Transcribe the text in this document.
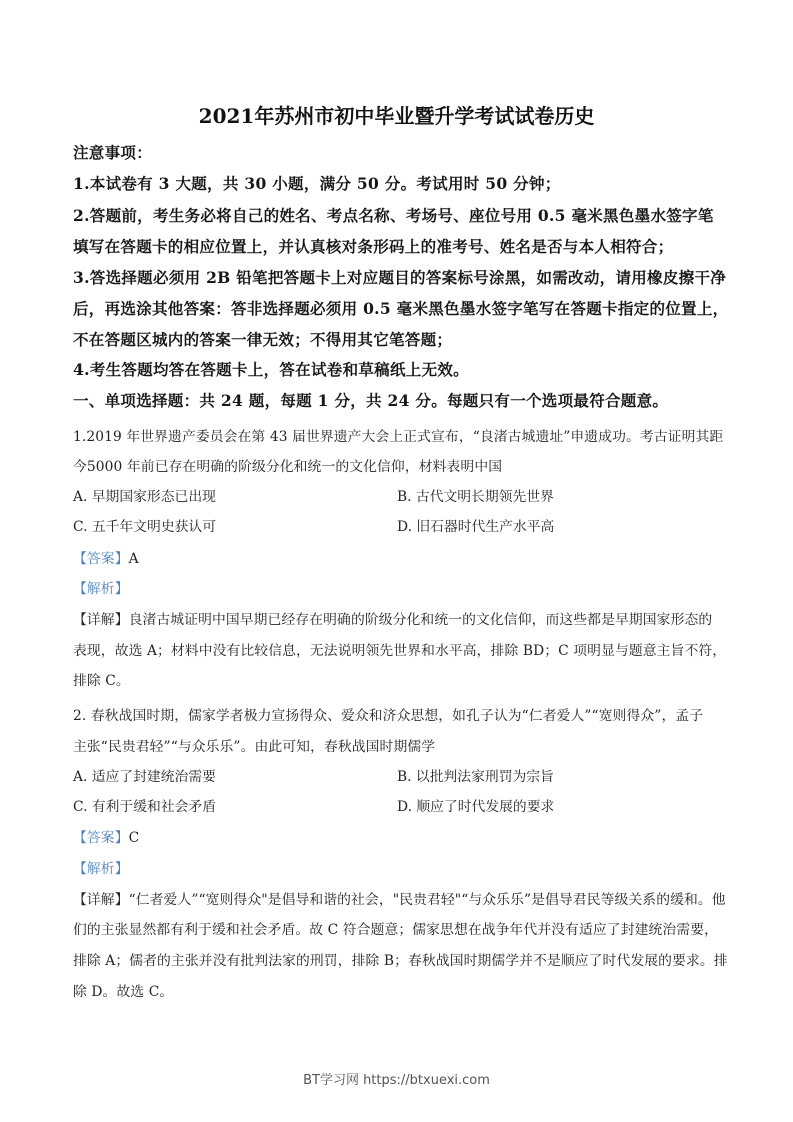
2021年苏州市初中毕业暨升学考试试卷历史
注意事项：
1.本试卷有 3 大题，共 30 小题，满分 50 分。考试用时 50 分钟；
2.答题前，考生务必将自己的姓名、考点名称、考场号、座位号用 0.5 毫米黑色墨水签字笔
填写在答题卡的相应位置上，并认真核对条形码上的准考号、姓名是否与本人相符合；
3.答选择题必须用 2B 铅笔把答题卡上对应题目的答案标号涂黑，如需改动，请用橡皮擦干净
后，再选涂其他答案：答非选择题必须用 0.5 毫米黑色墨水签字笔写在答题卡指定的位置上，
不在答题区城内的答案一律无效；不得用其它笔答题；
4.考生答题均答在答题卡上，答在试卷和草稿纸上无效。
一、单项选择题：共 24 题，每题 1 分，共 24 分。每题只有一个选项最符合题意。
1.2019 年世界遗产委员会在第 43 届世界遗产大会上正式宣布，“良渚古城遗址”申遗成功。考古证明其距
今5000 年前已存在明确的阶级分化和统一的文化信仰，材料表明中国
A. 早期国家形态已出现	B. 古代文明长期领先世界
C. 五千年文明史获认可	D. 旧石器时代生产水平高
【答案】A
【解析】
【详解】良渚古城证明中国早期已经存在明确的阶级分化和统一的文化信仰，而这些都是早期国家形态的
表现，故选 A；材料中没有比较信息，无法说明领先世界和水平高，排除 BD；C 项明显与题意主旨不符，
排除 C。
2. 春秋战国时期，儒家学者极力宣扬得众、爱众和济众思想，如孔子认为“仁者爱人”“宽则得众”，孟子
主张“民贵君轻”“与众乐乐”。由此可知，春秋战国时期儒学
A. 适应了封建统治需要	B. 以批判法家刑罚为宗旨
C. 有利于缓和社会矛盾	D. 顺应了时代发展的要求
【答案】C
【解析】
【详解】“仁者爱人”“宽则得众"是倡导和谐的社会，"民贵君轻"“与众乐乐”是倡导君民等级关系的缓和。他
们的主张显然都有利于缓和社会矛盾。故 C 符合题意；儒家思想在战争年代并没有适应了封建统治需要，
排除 A；儒者的主张并没有批判法家的刑罚，排除 B；春秋战国时期儒学并不是顺应了时代发展的要求。排
除 D。故选 C。
BT学习网 https://btxuexi.com
